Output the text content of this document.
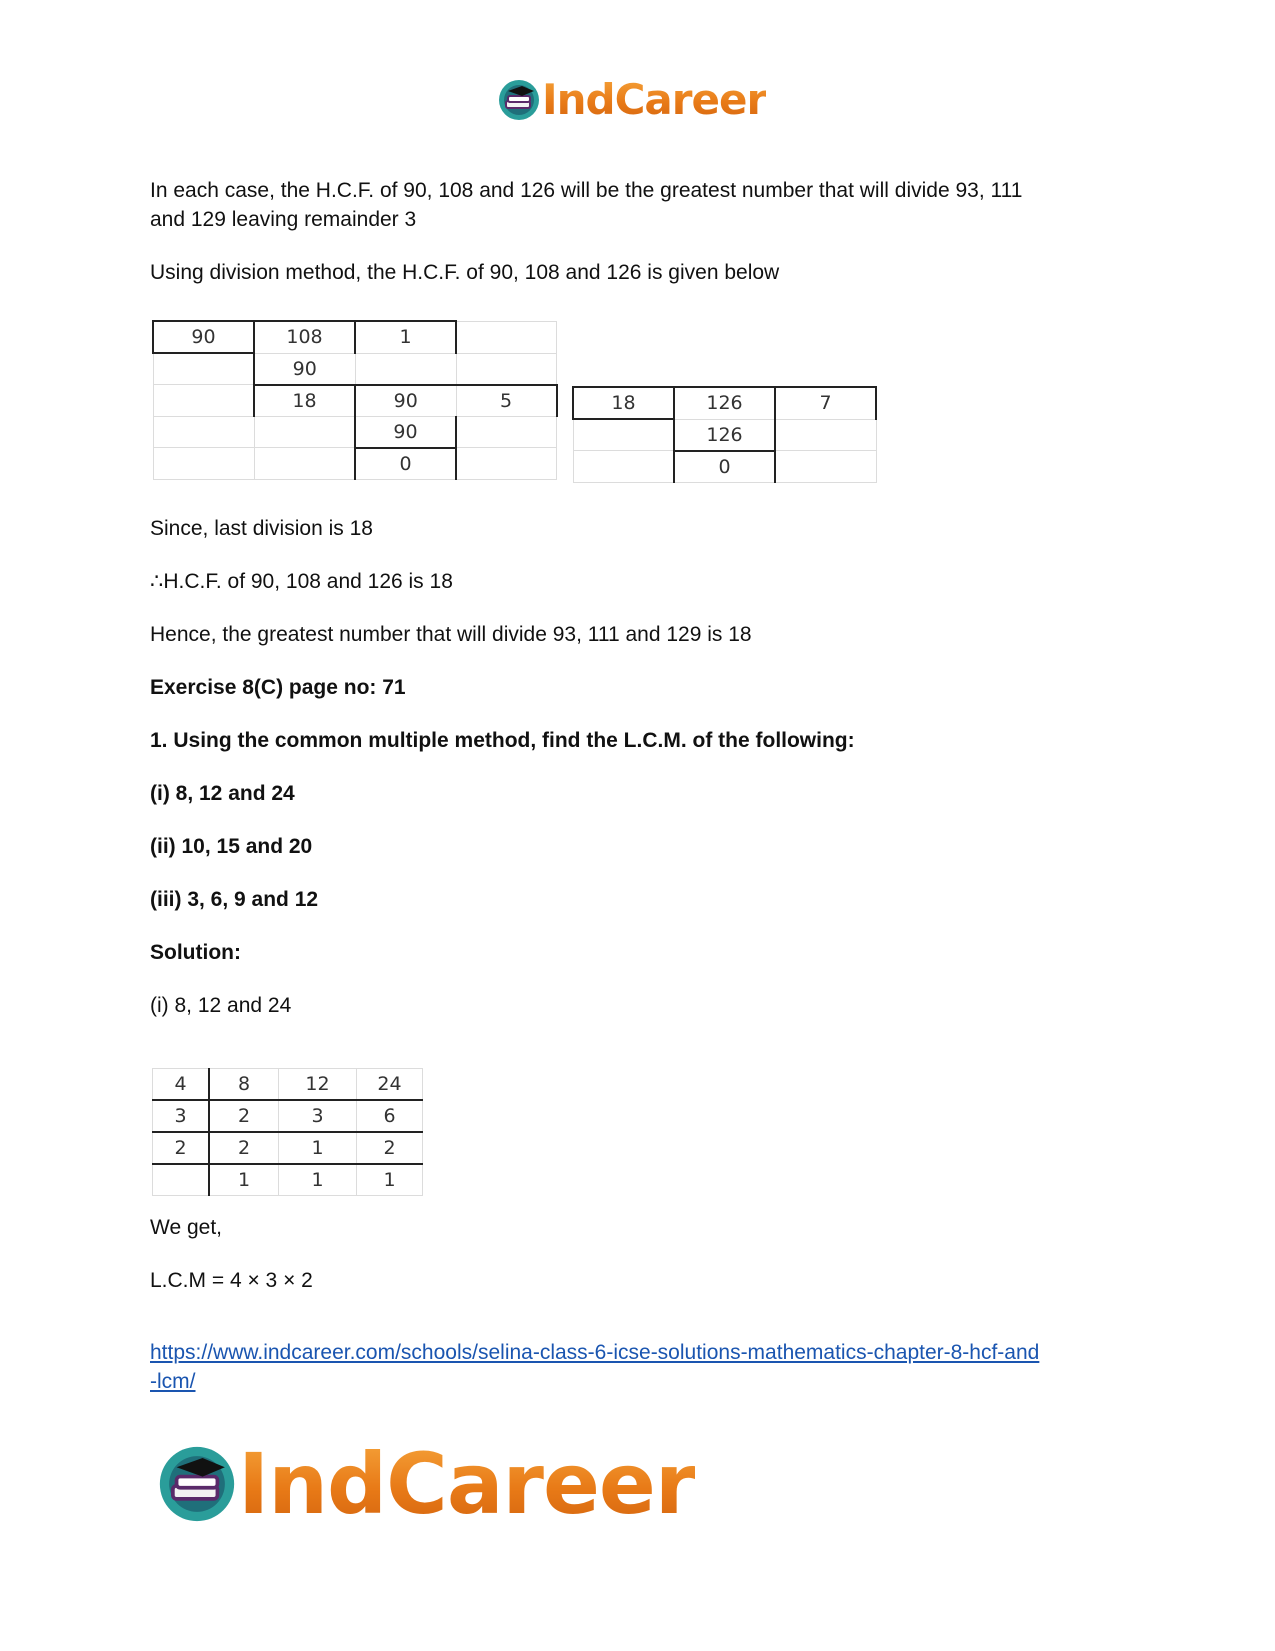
IndCareer

In each case, the H.C.F. of 90, 108 and 126 will be the greatest number that will divide 93, 111

and 129 leaving remainder 3

Using division method, the H.C.F. of 90, 108 and 126 is given below

90	108	1	
	90		
	18	90	5
		90	
		0	
18	126	7
	126	
	0	

Since, last division is 18

∴H.C.F. of 90, 108 and 126 is 18

Hence, the greatest number that will divide 93, 111 and 129 is 18

Exercise 8(C) page no: 71

1. Using the common multiple method, find the L.C.M. of the following:

(i) 8, 12 and 24

(ii) 10, 15 and 20

(iii) 3, 6, 9 and 12

Solution:

(i) 8, 12 and 24

4	8	12	24
3	2	3	6
2	2	1	2
	1	1	1

We get,

L.C.M = 4 × 3 × 2

https://www.indcareer.com/schools/selina-class-6-icse-solutions-mathematics-chapter-8-hcf-and
-lcm/
IndCareer
